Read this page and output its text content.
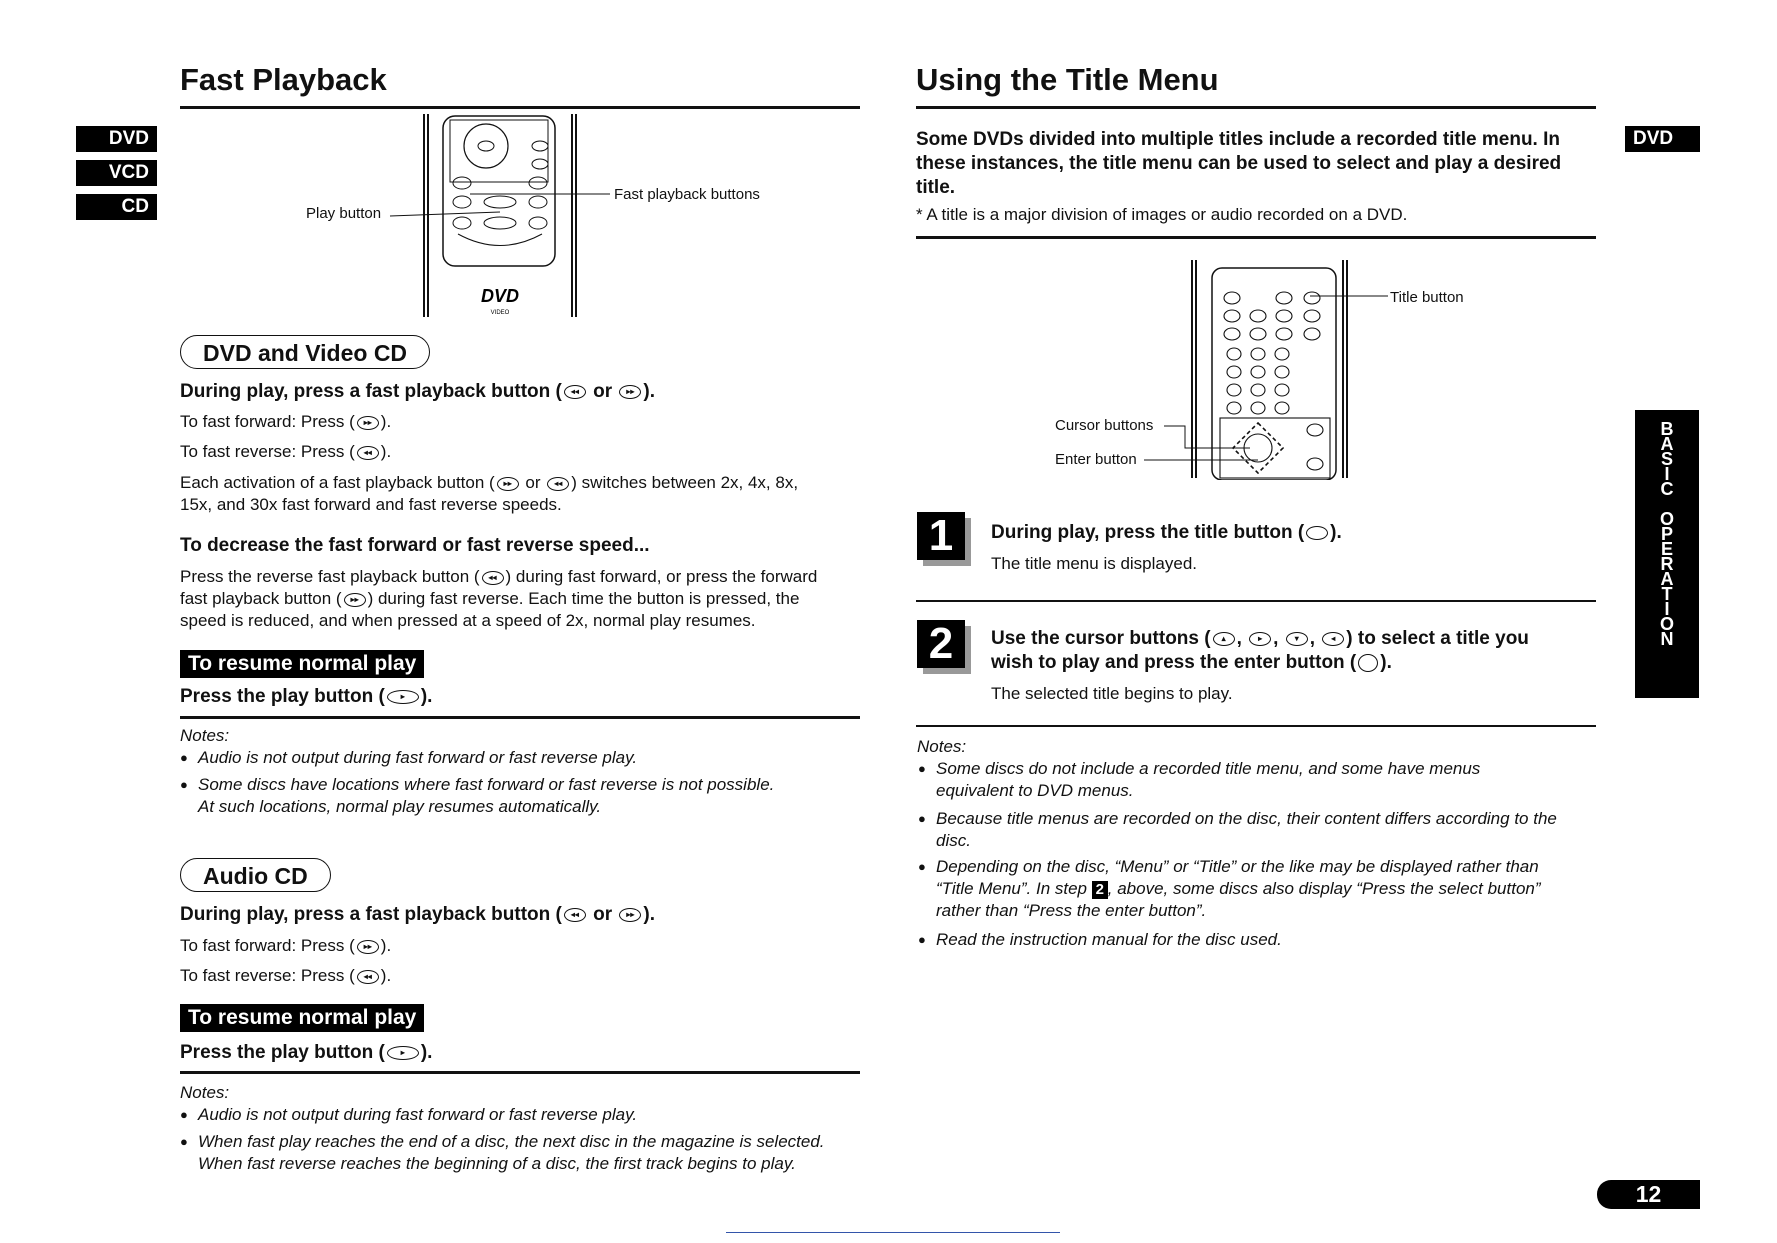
Fast Playback
DVD
VCD
CD
DVD
VIDEO
Play button
Fast playback buttons
DVD and Video CD
During play, press a fast playback button ( ◂◂ or ▸▸ ).
To fast forward: Press ( ▸▸ ).
To fast reverse: Press ( ◂◂ ).
Each activation of a fast playback button ( ▸▸ or ◂◂ ) switches between 2x, 4x, 8x,
15x, and 30x fast forward and fast reverse speeds.
To decrease the fast forward or fast reverse speed...
Press the reverse fast playback button ( ◂◂ ) during fast forward, or press the forward
fast playback button ( ▸▸ ) during fast reverse. Each time the button is pressed, the
speed is reduced, and when pressed at a speed of 2x, normal play resumes.
To resume normal play
Press the play button ( ▸ ).
Notes:
● Audio is not output during fast forward or fast reverse play.
● Some discs have locations where fast forward or fast reverse is not possible.
At such locations, normal play resumes automatically.
Audio CD
During play, press a fast playback button ( ◂◂ or ▸▸ ).
To fast forward: Press ( ▸▸ ).
To fast reverse: Press ( ◂◂ ).
To resume normal play
Press the play button ( ▸ ).
Notes:
● Audio is not output during fast forward or fast reverse play.
● When fast play reaches the end of a disc, the next disc in the magazine is selected.
When fast reverse reaches the beginning of a disc, the first track begins to play.
Using the Title Menu
DVD
Some DVDs divided into multiple titles include a recorded title menu. In
these instances, the title menu can be used to select and play a desired
title.
* A title is a major division of images or audio recorded on a DVD.
Title button
Cursor buttons
Enter button
1	During play, press the title button ( ).
The title menu is displayed.
2	Use the cursor buttons ( ▴ , ▸ , ▾ , ◂ ) to select a title you
wish to play and press the enter button ( ).
The selected title begins to play.
Notes:
● Some discs do not include a recorded title menu, and some have menus
equivalent to DVD menus.
● Because title menus are recorded on the disc, their content differs according to the
disc.
● Depending on the disc, “Menu” or “Title” or the like may be displayed rather than
“Title Menu”. In step 2 , above, some discs also display “Press the select button”
rather than “Press the enter button”.
● Read the instruction manual for the disc used.
B
A
S
I
C
O
P
E
R
A
T
I
O
N
12
